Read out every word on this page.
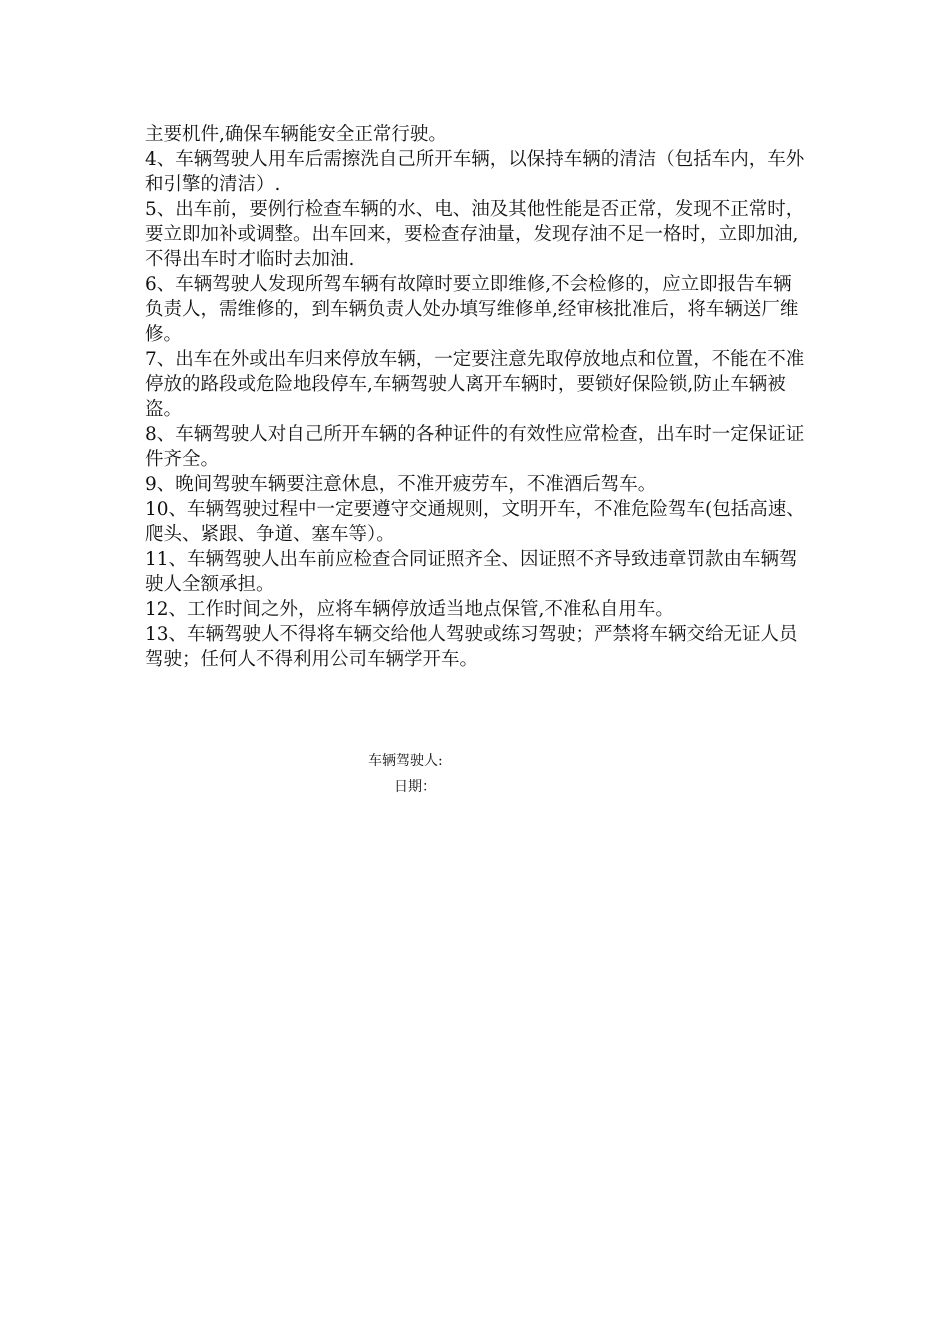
主要机件,确保车辆能安全正常行驶。

4、车辆驾驶人用车后需擦洗自己所开车辆，以保持车辆的清洁（包括车内，车外和引擎的清洁）.

5、出车前，要例行检查车辆的水、电、油及其他性能是否正常，发现不正常时，要立即加补或调整。出车回来，要检查存油量，发现存油不足一格时，立即加油,不得出车时才临时去加油.

6、车辆驾驶人发现所驾车辆有故障时要立即维修,不会检修的，应立即报告车辆负责人，需维修的，到车辆负责人处办填写维修单,经审核批准后，将车辆送厂维修。

7、出车在外或出车归来停放车辆，一定要注意先取停放地点和位置，不能在不准停放的路段或危险地段停车,车辆驾驶人离开车辆时，要锁好保险锁,防止车辆被盗。

8、车辆驾驶人对自己所开车辆的各种证件的有效性应常检查，出车时一定保证证件齐全。

9、晚间驾驶车辆要注意休息，不准开疲劳车，不准酒后驾车。

10、车辆驾驶过程中一定要遵守交通规则，文明开车，不准危险驾车(包括高速、爬头、紧跟、争道、塞车等）。

11、车辆驾驶人出车前应检查合同证照齐全、因证照不齐导致违章罚款由车辆驾驶人全额承担。

12、工作时间之外，应将车辆停放适当地点保管,不准私自用车。

13、车辆驾驶人不得将车辆交给他人驾驶或练习驾驶；严禁将车辆交给无证人员驾驶；任何人不得利用公司车辆学开车。

车辆驾驶人:

日期：
